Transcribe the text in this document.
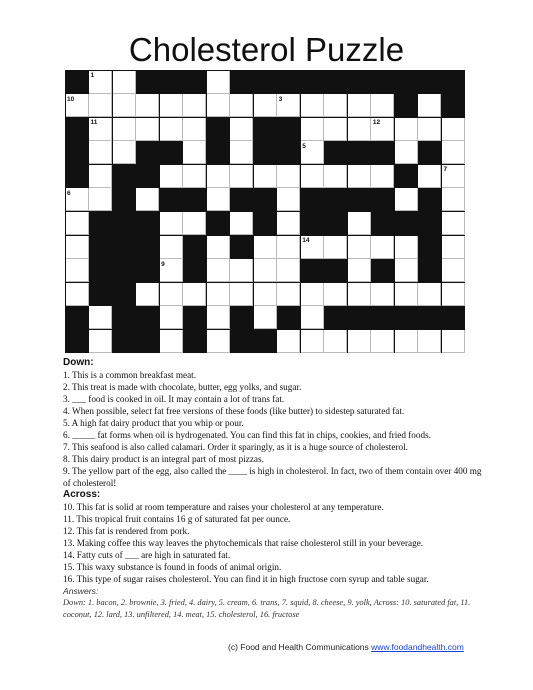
Cholesterol Puzzle
1	2
10	3	4
11	12
5
13	7
6
8
14
9
15
16
Down:
1. This is a common breakfast meat.
2. This treat is made with chocolate, butter, egg yolks, and sugar.
3. ___ food is cooked in oil. It may contain a lot of trans fat.
4. When possible, select fat free versions of these foods (like butter) to sidestep saturated fat.
5. A high fat dairy product that you whip or pour.
6. _____ fat forms when oil is hydrogenated. You can find this fat in chips, cookies, and fried foods.
7. This seafood is also called calamari. Order it sparingly, as it is a huge source of cholesterol.
8. This dairy product is an integral part of most pizzas.
9. The yellow part of the egg, also called the ____ is high in cholesterol. In fact, two of them contain over 400 mg of cholesterol!
Across:
10. This fat is solid at room temperature and raises your cholesterol at any temperature.
11. This tropical fruit contains 16 g of saturated fat per ounce.
12. This fat is rendered from pork.
13. Making coffee this way leaves the phytochemicals that raise cholesterol still in your beverage.
14. Fatty cuts of ___ are high in saturated fat.
15. This waxy substance is found in foods of animal origin.
16. This type of sugar raises cholesterol. You can find it in high fructose corn syrup and table sugar.
Answers:
Down: 1. bacon, 2. brownie, 3. fried, 4. dairy, 5. cream, 6. trans, 7. squid, 8. cheese, 9. yolk, Across: 10. saturated fat, 11. coconut, 12. lard, 13. unfiltered, 14. meat, 15. cholesterol, 16. fructose
(c) Food and Health Communications www.foodandhealth.com
